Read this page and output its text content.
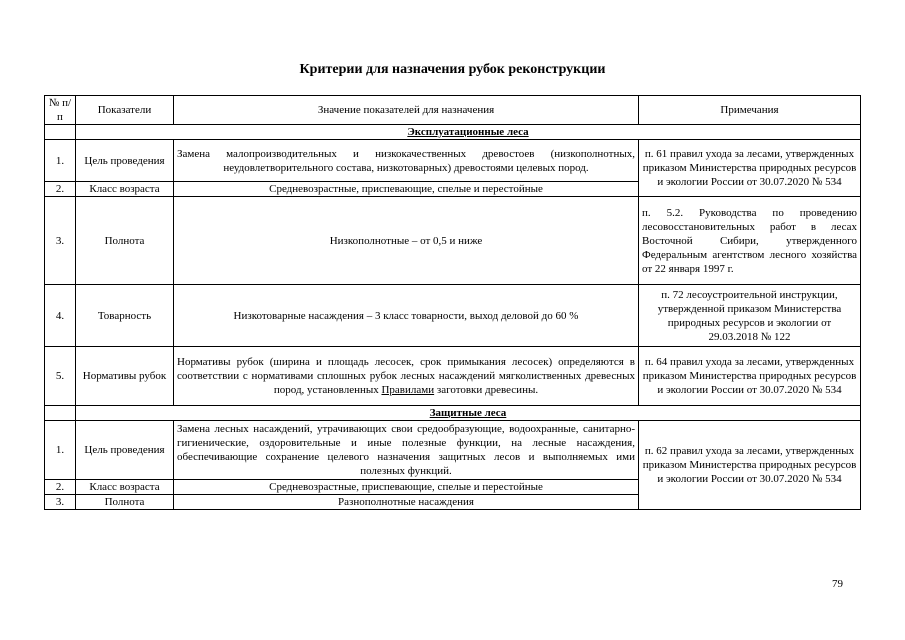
Критерии для назначения рубок реконструкции
№ п/п	Показатели	Значение показателей для назначения	Примечания
	Эксплуатационные леса		
1.	Цель проведения	Замена малопроизводительных и низкокачественных древостоев (низкополнотных, неудовлетворительного состава, низкотоварных) древостоями целевых пород.	п. 61 правил ухода за лесами, утвержденных приказом Министерства природных ресурсов и экологии России от 30.07.2020 № 534
2.	Класс возраста	Средневозрастные, приспевающие, спелые и перестойные	
3.	Полнота	Низкополнотные – от 0,5 и ниже	п. 5.2. Руководства по проведению лесовосстановительных работ в лесах Восточной Сибири, утвержденного Федеральным агентством лесного хозяйства от 22 января 1997 г.
4.	Товарность	Низкотоварные насаждения – 3 класс товарности, выход деловой до 60 %	п. 72 лесоустроительной инструкции, утвержденной приказом Министерства природных ресурсов и экологии от 29.03.2018 № 122
5.	Нормативы рубок	Нормативы рубок (ширина и площадь лесосек, срок примыкания лесосек) определяются в соответствии с нормативами сплошных рубок лесных насаждений мягколиственных древесных пород, установленных Правилами заготовки древесины.	п. 64 правил ухода за лесами, утвержденных приказом Министерства природных ресурсов и экологии России от 30.07.2020 № 534
	Защитные леса		
1.	Цель проведения	Замена лесных насаждений, утрачивающих свои средообразующие, водоохранные, санитарно-гигиенические, оздоровительные и иные полезные функции, на лесные насаждения, обеспечивающие сохранение целевого назначения защитных лесов и выполняемых ими полезных функций.	п. 62 правил ухода за лесами, утвержденных приказом Министерства природных ресурсов и экологии России от 30.07.2020 № 534
2.	Класс возраста	Средневозрастные, приспевающие, спелые и перестойные	
3.	Полнота	Разнополнотные насаждения	
79
